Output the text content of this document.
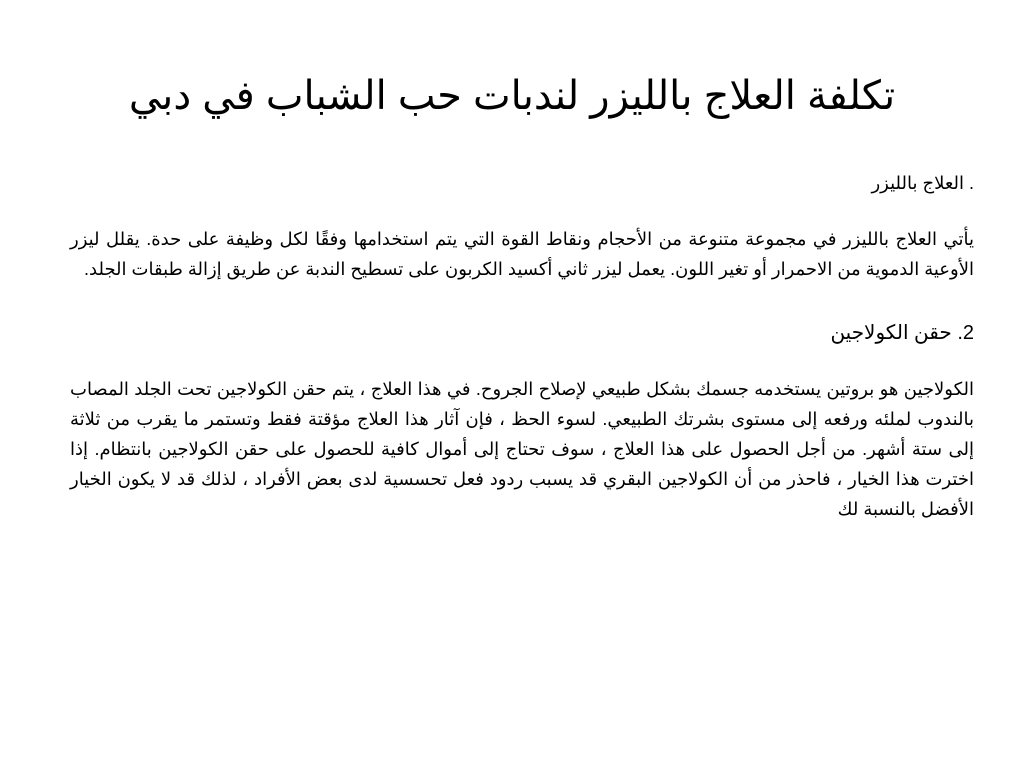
تكلفة العلاج بالليزر لندبات حب الشباب في دبي

. العلاج بالليزر

يأتي العلاج بالليزر في مجموعة متنوعة من الأحجام ونقاط القوة التي يتم استخدامها وفقًا لكل وظيفة على حدة. يقلل ليزر الأوعية الدموية من الاحمرار أو تغير اللون. يعمل ليزر ثاني أكسيد الكربون على تسطيح الندبة عن طريق إزالة طبقات الجلد.

2. حقن الكولاجين

الكولاجين هو بروتين يستخدمه جسمك بشكل طبيعي لإصلاح الجروح. في هذا العلاج ، يتم حقن الكولاجين تحت الجلد المصاب بالندوب لملئه ورفعه إلى مستوى بشرتك الطبيعي. لسوء الحظ ، فإن آثار هذا العلاج مؤقتة فقط وتستمر ما يقرب من ثلاثة إلى ستة أشهر. من أجل الحصول على هذا العلاج ، سوف تحتاج إلى أموال كافية للحصول على حقن الكولاجين بانتظام. إذا اخترت هذا الخيار ، فاحذر من أن الكولاجين البقري قد يسبب ردود فعل تحسسية لدى بعض الأفراد ، لذلك قد لا يكون الخيار الأفضل بالنسبة لك
